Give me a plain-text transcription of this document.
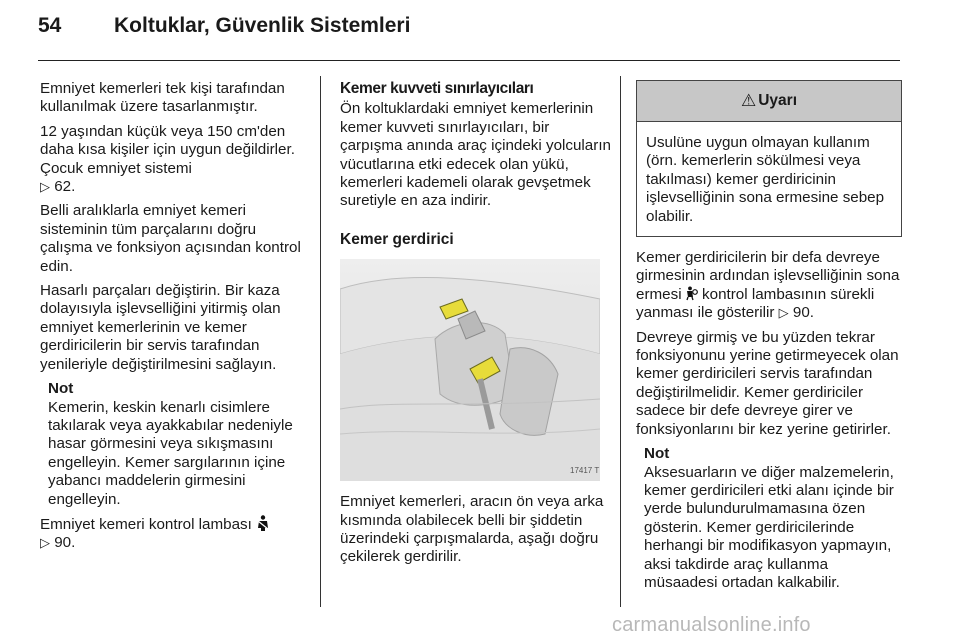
54	Koltuklar, Güvenlik Sistemleri

Emniyet kemerleri tek kişi tarafından kullanılmak üzere tasarlanmıştır.

12 yaşından küçük veya 150 cm'den daha kısa kişiler için uygun değildirler. Çocuk emniyet sistemi
▷ 62.

Belli aralıklarla emniyet kemeri sisteminin tüm parçalarını doğru çalışma ve fonksiyon açısından kontrol edin.

Hasarlı parçaları değiştirin. Bir kaza dolayısıyla işlevselliğini yitirmiş olan emniyet kemerlerinin ve kemer gerdiricilerin bir servis tarafından yenileriyle değiştirilmesini sağlayın.

Not
Kemerin, keskin kenarlı cisimlere takılarak veya ayakkabılar nedeniyle hasar görmesini veya sıkışmasını engelleyin. Kemer sargılarının içine yabancı maddelerin girmesini engelleyin.

Emniyet kemeri kontrol lambası
▷ 90.

Kemer kuvveti sınırlayıcıları

Ön koltuklardaki emniyet kemerlerinin kemer kuvveti sınırlayıcıları, bir çarpışma anında araç içindeki yolcuların vücutlarına etki edecek olan yükü, kemerleri kademeli olarak gevşetmek suretiyle en aza indirir.

Kemer gerdirici
17417 T

Emniyet kemerleri, aracın ön veya arka kısmında olabilecek belli bir şiddetin üzerindeki çarpışmalarda, aşağı doğru çekilerek gerdirilir.

⚠ Uyarı
Usulüne uygun olmayan kullanım (örn. kemerlerin sökülmesi veya takılması) kemer gerdiricinin işlevselliğinin sona ermesine sebep olabilir.

Kemer gerdiricilerin bir defa devreye girmesinin ardından işlevselliğinin sona ermesi kontrol lambasının sürekli yanması ile gösterilir ▷ 90.

Devreye girmiş ve bu yüzden tekrar fonksiyonunu yerine getirmeyecek olan kemer gerdiricileri servis tarafından değiştirilmelidir. Kemer gerdiriciler sadece bir defe devreye girer ve fonksiyonlarını bir kez yerine getirirler.

Not
Aksesuarların ve diğer malzemelerin, kemer gerdiricileri etki alanı içinde bir yerde bulundurulmamasına özen gösterin. Kemer gerdiricilerinde herhangi bir modifikasyon yapmayın, aksi takdirde araç kullanma müsaadesi ortadan kalkabilir.
carmanualsonline.info
